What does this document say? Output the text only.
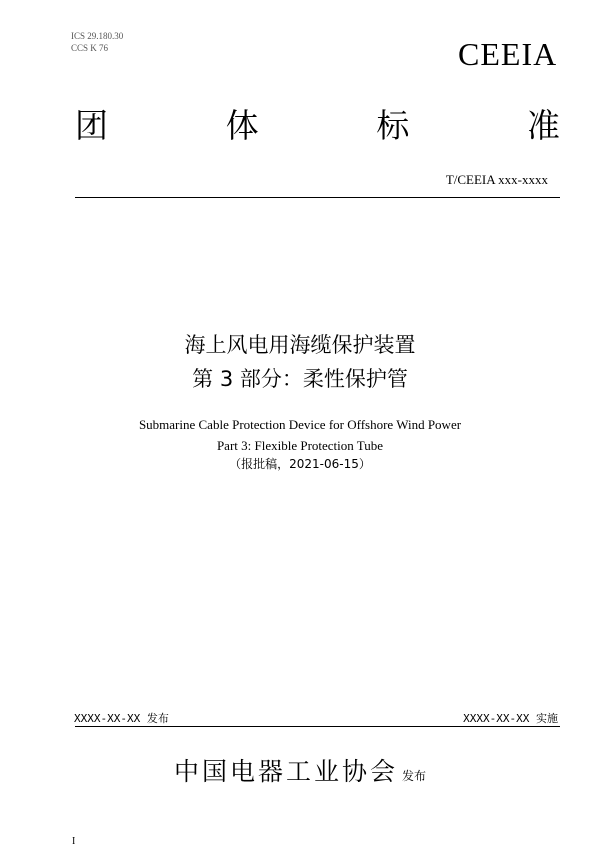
ICS 29.180.30
CCS K 76	CEEIA
团	体	标	准
T/CEEIA xxx-xxxx
海上风电用海缆保护装置
第 3 部分：柔性保护管
Submarine Cable Protection Device for Offshore Wind Power
Part 3: Flexible Protection Tube
（报批稿，2021-06-15）
XXXX-XX-XX 发布	XXXX-XX-XX 实施
中国电器工业协会 发布
I
